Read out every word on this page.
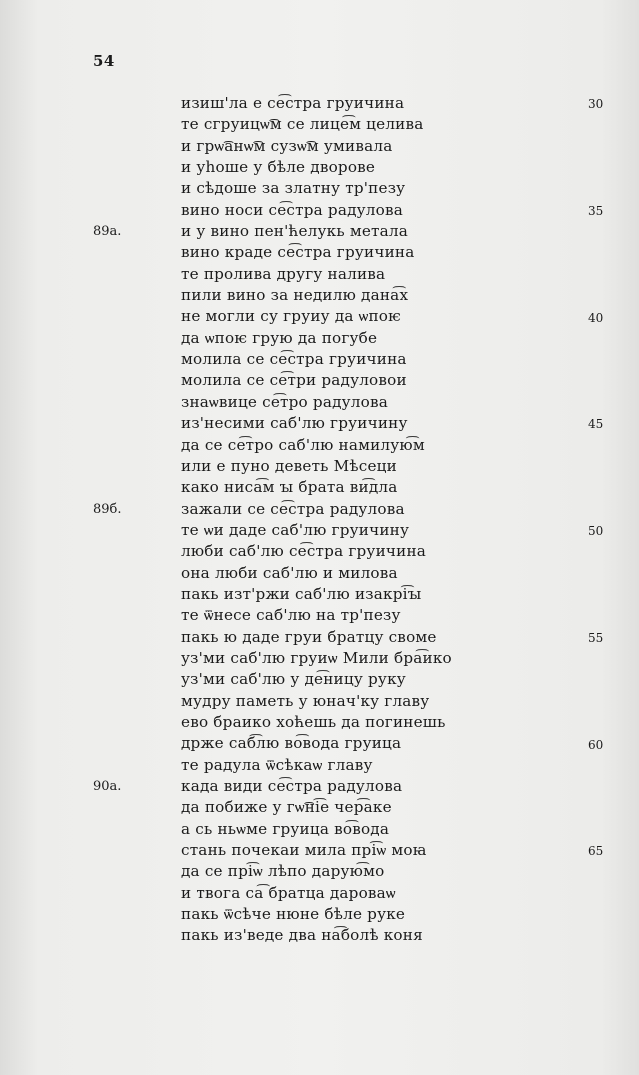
54
изиш'ла е се͡стра груичина
те сгруицѡ͡м се лице͡м целива
и грѡ͡анѡ͡м сузѡ͡м умивала
и уһоше у бѣле дворове
и сѣдоше за златну тр'пезу
вино носи се͡стра радулова
и у вино пен'ћелукь метала
вино краде се͡стра груичина
те пролива другу налива
пили вино за недилю дана͡х
не могли су груиу да ѡпоѥ
да ѡпоѥ грую да погубе
молила се се͡стра груичина
молила се се͡три радуловои
знаѡвице се͡тро радулова
из'несими саб'лю груичину
да се се͡тро саб'лю намилую͡м
или е пуно деветь Мѣсеци
како ниса͡м ꙑ брата ви͡дла
зажали се се͡стра радулова
те ѡи даде саб'лю груичину
люби саб'лю се͡стра груичина
она люби саб'лю и милова
пакь изт'ржи саб'лю изакрі͡ꙑ
те ѿнесе саб'лю на тр'пезу
пакь ю даде груи братцу своме
уз'ми саб'лю груиѡ Мили бра͡ико
уз'ми саб'лю у де͡ницу руку
мудру паметь у юнач'ку главу
ево браико хоћешь да погинешь
држе саб͡лю во͡вода груица
те радула ѿсѣкаѡ главу
када види се͡стра радулова
да побиже у гѡ͡ні͡е чер͡аке
а сь ньѡме груица во͡вода
стань почекаи мила прі͡ѡ моꙗ
да се прі͡ѡ лѣпо дарую͡мо
и твога са͡ братца дароваѡ
пакь ѿсѣче нюне бѣле руке
пакь из'веде два на͡болѣ коня
89а.
89б.
90а.
30
35
40
45
50
55
60
65
